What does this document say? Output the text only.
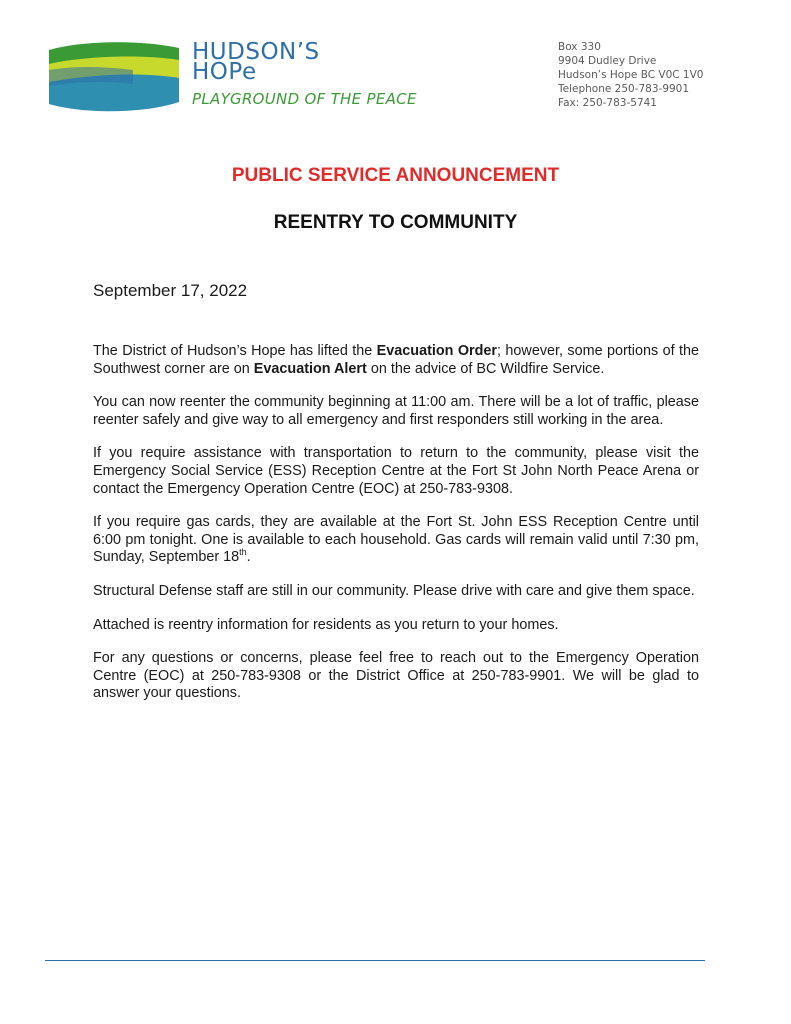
HUDSON’S
HOPe
PLAYGROUND OF THE PEACE
Box 330
9904 Dudley Drive
Hudson’s Hope BC V0C 1V0
Telephone 250-783-9901
Fax: 250-783-5741
PUBLIC SERVICE ANNOUNCEMENT
REENTRY TO COMMUNITY
September 17, 2022

The District of Hudson’s Hope has lifted the Evacuation Order; however, some portions of the Southwest corner are on Evacuation Alert on the advice of BC Wildfire Service.

You can now reenter the community beginning at 11:00 am. There will be a lot of traffic, please reenter safely and give way to all emergency and first responders still working in the area.

If you require assistance with transportation to return to the community, please visit the Emergency Social Service (ESS) Reception Centre at the Fort St John North Peace Arena or contact the Emergency Operation Centre (EOC) at 250-783-9308.

If you require gas cards, they are available at the Fort St. John ESS Reception Centre until 6:00 pm tonight. One is available to each household. Gas cards will remain valid until 7:30 pm, Sunday, September 18th.

Structural Defense staff are still in our community. Please drive with care and give them space.

Attached is reentry information for residents as you return to your homes.

For any questions or concerns, please feel free to reach out to the Emergency Operation Centre (EOC) at 250-783-9308 or the District Office at 250-783-9901. We will be glad to answer your questions.
